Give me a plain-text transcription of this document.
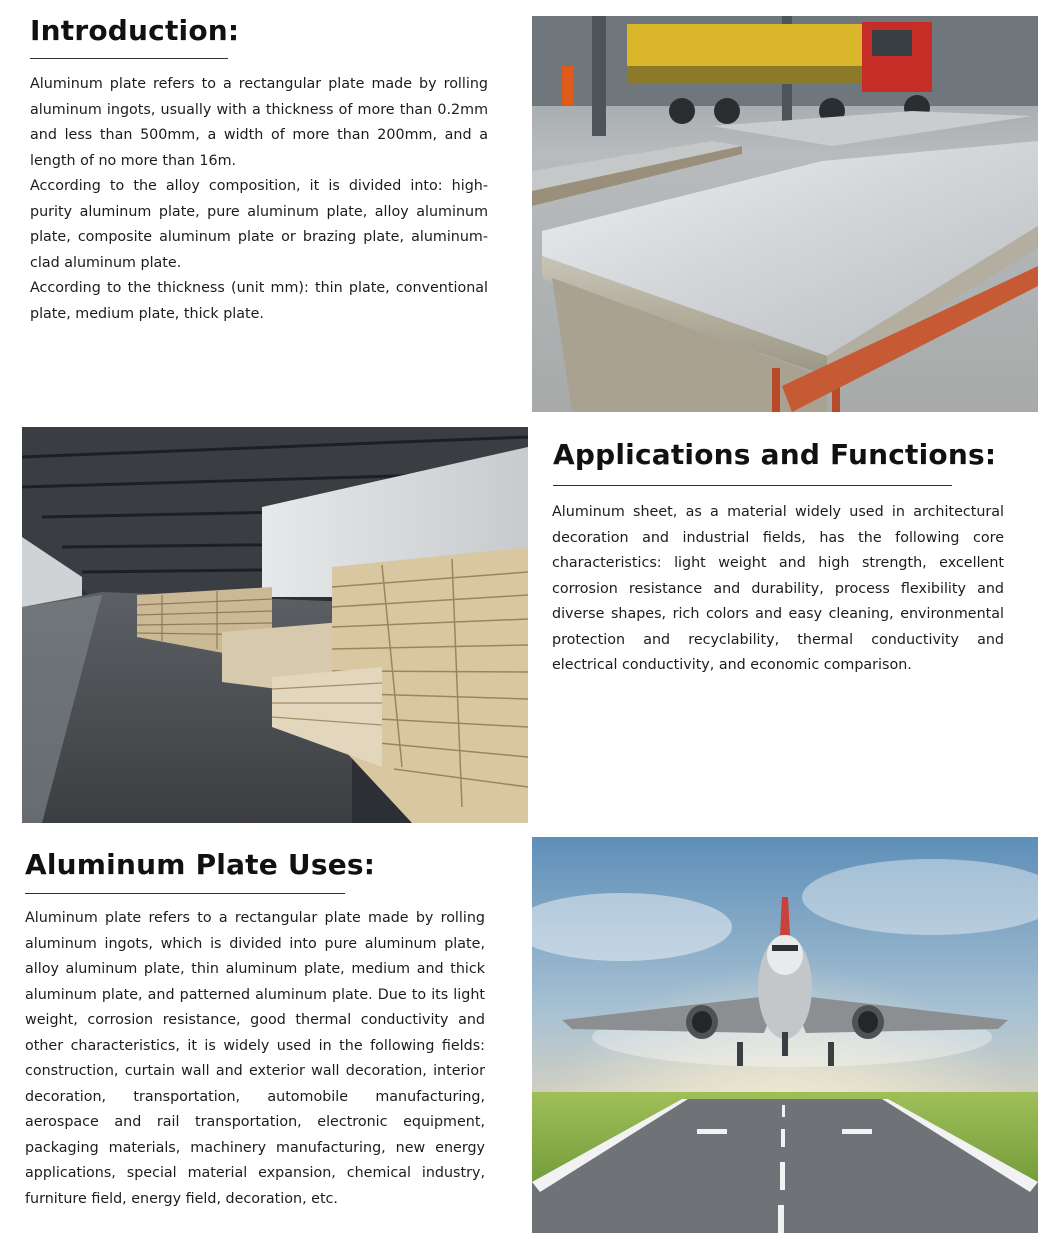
Introduction:

Aluminum plate refers to a rectangular plate made by rolling aluminum ingots, usually with a thickness of more than 0.2mm and less than 500mm, a width of more than 200mm, and a length of no more than 16m.

According to the alloy composition, it is divided into: high-purity aluminum plate, pure aluminum plate, alloy aluminum plate, composite aluminum plate or brazing plate, aluminum-clad aluminum plate.

According to the thickness (unit mm): thin plate, conventional plate, medium plate, thick plate.

Applications and Functions:

Aluminum sheet, as a material widely used in architectural decoration and industrial fields, has the following core characteristics: light weight and high strength, excellent corrosion resistance and durability, process flexibility and diverse shapes, rich colors and easy cleaning, environmental protection and recyclability, thermal conductivity and electrical conductivity, and economic comparison.

Aluminum Plate Uses:

Aluminum plate refers to a rectangular plate made by rolling aluminum ingots, which is divided into pure aluminum plate, alloy aluminum plate, thin aluminum plate, medium and thick aluminum plate, and patterned aluminum plate. Due to its light weight, corrosion resistance, good thermal conductivity and other characteristics, it is widely used in the following fields: construction, curtain wall and exterior wall decoration, interior decoration, transportation, automobile manufacturing, aerospace and rail transportation, electronic equipment, packaging materials, machinery manufacturing, new energy applications, special material expansion, chemical industry, furniture field, energy field, decoration, etc.
